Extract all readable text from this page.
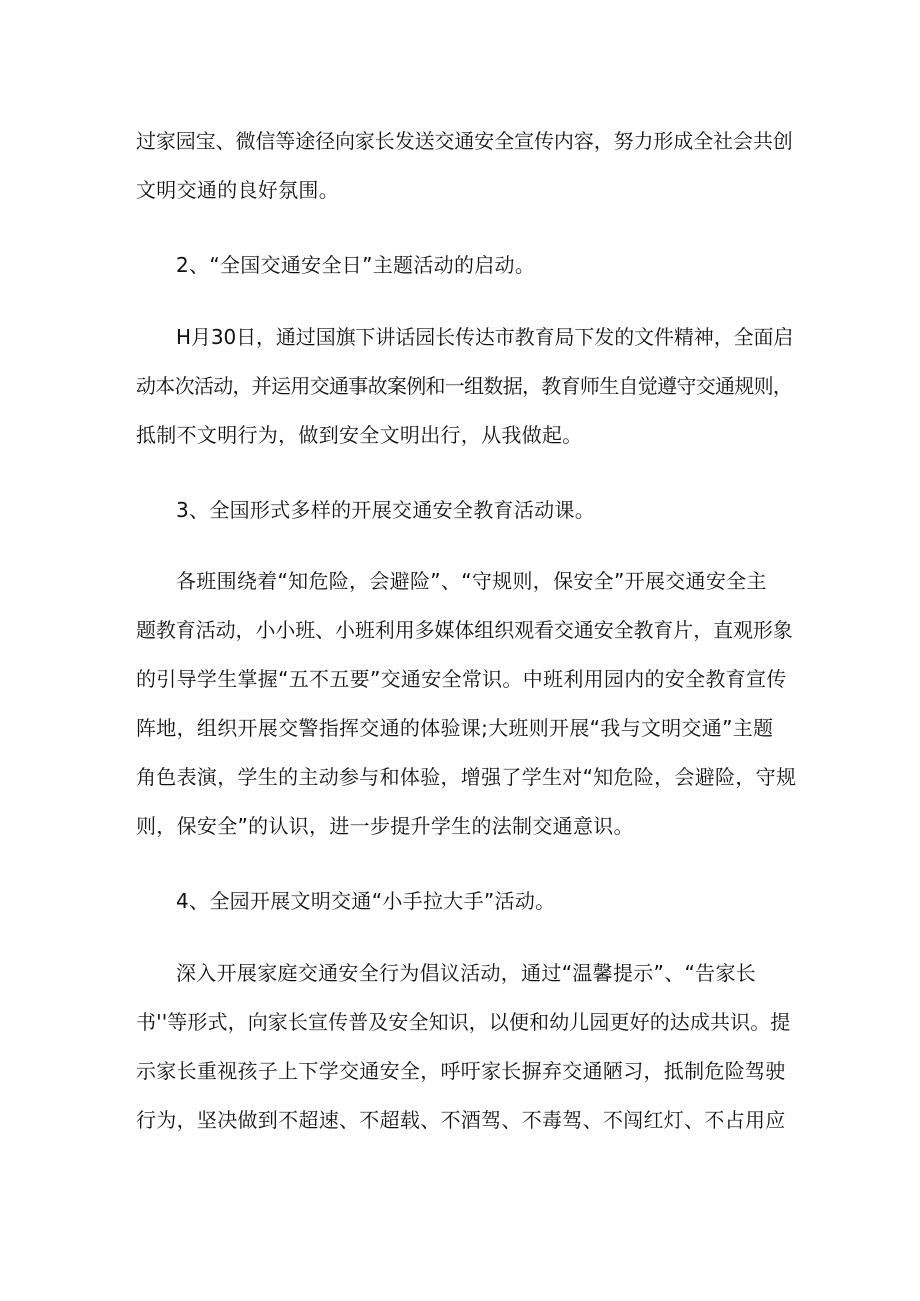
过家园宝、微信等途径向家长发送交通安全宣传内容，努力形成全社会共创
文明交通的良好氛围。

2、“全国交通安全日”主题活动的启动。

H月30日，通过国旗下讲话园长传达市教育局下发的文件精神，全面启
动本次活动，并运用交通事故案例和一组数据，教育师生自觉遵守交通规则，
抵制不文明行为，做到安全文明出行，从我做起。

3、全国形式多样的开展交通安全教育活动课。

各班围绕着“知危险，会避险”、“守规则，保安全”开展交通安全主
题教育活动，小小班、小班利用多媒体组织观看交通安全教育片，直观形象
的引导学生掌握“五不五要”交通安全常识。中班利用园内的安全教育宣传
阵地，组织开展交警指挥交通的体验课;大班则开展“我与文明交通”主题
角色表演，学生的主动参与和体验，增强了学生对“知危险，会避险，守规
则，保安全”的认识，进一步提升学生的法制交通意识。

4、全园开展文明交通“小手拉大手”活动。

深入开展家庭交通安全行为倡议活动，通过“温馨提示”、“告家长
书''等形式，向家长宣传普及安全知识，以便和幼儿园更好的达成共识。提
示家长重视孩子上下学交通安全，呼吁家长摒弃交通陋习，抵制危险驾驶
行为，坚决做到不超速、不超载、不酒驾、不毒驾、不闯红灯、不占用应
